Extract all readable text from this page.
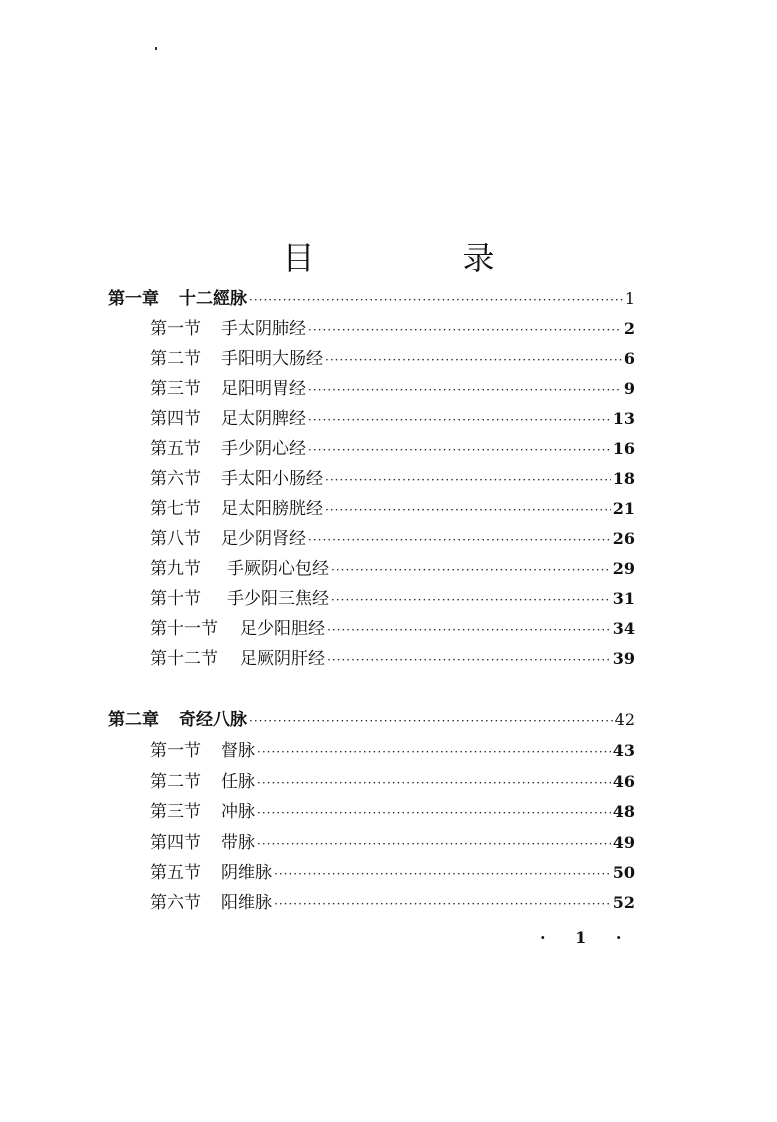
目　录
第一章 十二經脉 ·····	1
第一节 手太阴肺经 ·····	2
第二节 手阳明大肠经 ·····	6
第三节 足阳明胃经 ·····	9
第四节 足太阴脾经 ·····	13
第五节 手少阴心经 ·····	16
第六节 手太阳小肠经 ·····	18
第七节 足太阳膀胱经 ·····	21
第八节 足少阴肾经 ·····	26
第九节 手厥阴心包经 ·····	29
第十节 手少阳三焦经 ·····	31
第十一节 足少阳胆经 ·····	34
第十二节 足厥阴肝经 ·····	39
第二章 奇经八脉 ·····	42
第一节 督脉 ·····	43
第二节 任脉 ·····	46
第三节 冲脉 ·····	48
第四节 带脉 ·····	49
第五节 阴维脉 ·····	50
第六节 阳维脉 ·····	52
· 1 ·
